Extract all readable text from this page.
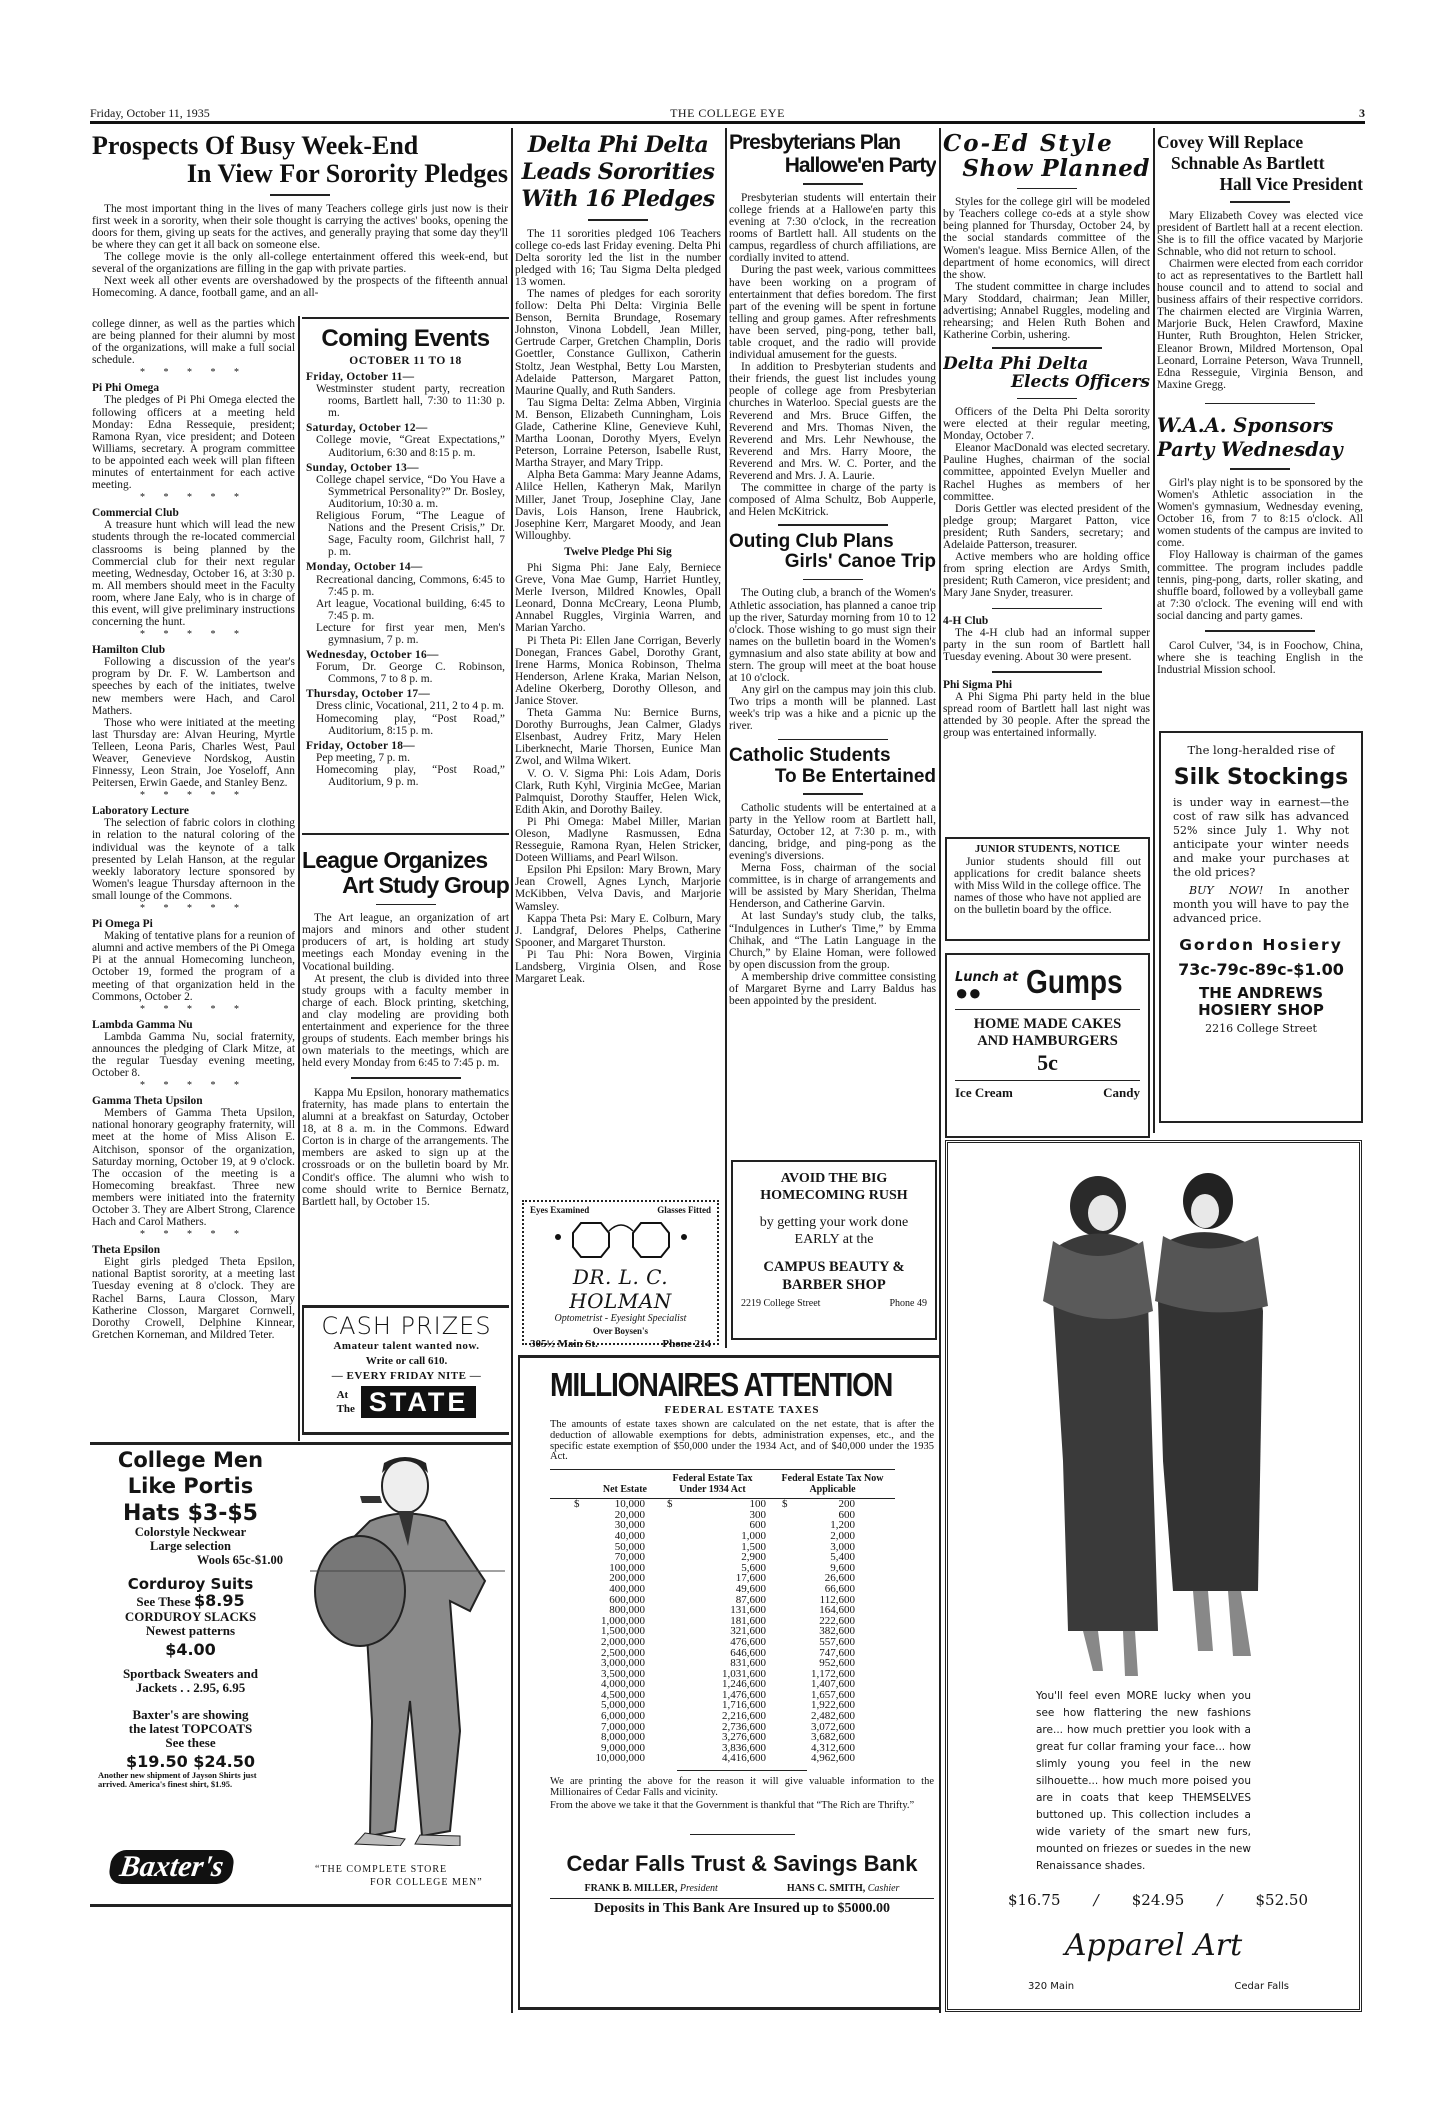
Friday, October 11, 1935	THE COLLEGE EYE	3
Prospects Of Busy Week-End
In View For Sorority Pledges

The most important thing in the lives of many Teachers college girls just now is their first week in a sorority, when their sole thought is carrying the actives' books, opening the doors for them, giving up seats for the actives, and generally praying that some day they'll be where they can get it all back on someone else.

The college movie is the only all-college entertainment offered this week-end, but several of the organizations are filling in the gap with private parties.

Next week all other events are overshadowed by the prospects of the fifteenth annual Homecoming. A dance, football game, and an all-

college dinner, as well as the parties which are being planned for their alumni by most of the organizations, will make a full social schedule.

* * * * *
Pi Phi Omega

The pledges of Pi Phi Omega elected the following officers at a meeting held Monday: Edna Ressequie, president; Ramona Ryan, vice president; and Doteen Williams, secretary. A program committee to be appointed each week will plan fifteen minutes of entertainment for each active meeting.

* * * * *
Commercial Club

A treasure hunt which will lead the new students through the re-located commercial classrooms is being planned by the Commercial club for their next regular meeting, Wednesday, October 16, at 3:30 p. m. All members should meet in the Faculty room, where Jane Ealy, who is in charge of this event, will give preliminary instructions concerning the hunt.

* * * * *
Hamilton Club

Following a discussion of the year's program by Dr. F. W. Lambertson and speeches by each of the initiates, twelve new members were Hach, and Carol Mathers.

Those who were initiated at the meeting last Thursday are: Alvan Heuring, Myrtle Telleen, Leona Paris, Charles West, Paul Weaver, Genevieve Nordskog, Austin Finnessy, Leon Strain, Joe Yoseloff, Ann Peitersen, Erwin Gaede, and Stanley Benz.

* * * * *
Laboratory Lecture

The selection of fabric colors in clothing in relation to the natural coloring of the individual was the keynote of a talk presented by Lelah Hanson, at the regular weekly laboratory lecture sponsored by Women's league Thursday afternoon in the small lounge of the Commons.

* * * * *
Pi Omega Pi

Making of tentative plans for a reunion of alumni and active members of the Pi Omega Pi at the annual Homecoming luncheon, October 19, formed the program of a meeting of that organization held in the Commons, October 2.

* * * * *
Lambda Gamma Nu

Lambda Gamma Nu, social fraternity, announces the pledging of Clark Mitze, at the regular Tuesday evening meeting, October 8.

* * * * *
Gamma Theta Upsilon

Members of Gamma Theta Upsilon, national honorary geography fraternity, will meet at the home of Miss Alison E. Aitchison, sponsor of the organization, Saturday morning, October 19, at 9 o'clock. The occasion of the meeting is a Homecoming breakfast. Three new members were initiated into the fraternity October 3. They are Albert Strong, Clarence Hach and Carol Mathers.

* * * * *
Theta Epsilon

Eight girls pledged Theta Epsilon, national Baptist sorority, at a meeting last Tuesday evening at 8 o'clock. They are Rachel Barns, Laura Closson, Mary Katherine Closson, Margaret Cornwell, Dorothy Crowell, Delphine Kinnear, Gretchen Korneman, and Mildred Teter.

Coming Events
OCTOBER 11 TO 18
Friday, October 11—
Westminster student party, recreation rooms, Bartlett hall, 7:30 to 11:30 p. m.
Saturday, October 12—
College movie, “Great Expectations,” Auditorium, 6:30 and 8:15 p. m.
Sunday, October 13—
College chapel service, “Do You Have a Symmetrical Personality?” Dr. Bosley, Auditorium, 10:30 a. m.
Religious Forum, “The League of Nations and the Present Crisis,” Dr. Sage, Faculty room, Gilchrist hall, 7 p. m.
Monday, October 14—
Recreational dancing, Commons, 6:45 to 7:45 p. m.
Art league, Vocational building, 6:45 to 7:45 p. m.
Lecture for first year men, Men's gymnasium, 7 p. m.
Wednesday, October 16—
Forum, Dr. George C. Robinson, Commons, 7 to 8 p. m.
Thursday, October 17—
Dress clinic, Vocational, 211, 2 to 4 p. m.
Homecoming play, “Post Road,” Auditorium, 8:15 p. m.
Friday, October 18—
Pep meeting, 7 p. m.
Homecoming play, “Post Road,” Auditorium, 9 p. m.
League Organizes
Art Study Group

The Art league, an organization of art majors and minors and other student producers of art, is holding art study meetings each Monday evening in the Vocational building.

At present, the club is divided into three study groups with a faculty member in charge of each. Block printing, sketching, and clay modeling are providing both entertainment and experience for the three groups of students. Each member brings his own materials to the meetings, which are held every Monday from 6:45 to 7:45 p. m.

Kappa Mu Epsilon, honorary mathematics fraternity, has made plans to entertain the alumni at a breakfast on Saturday, October 18, at 8 a. m. in the Commons. Edward Corton is in charge of the arrangements. The members are asked to sign up at the crossroads or on the bulletin board by Mr. Condit's office. The alumni who wish to come should write to Bernice Bernatz, Bartlett hall, by October 15.

CASH PRIZES
Amateur talent wanted now.
Write or call 610.
— EVERY FRIDAY NITE —
At
The STATE
College Men
Like Portis
Hats $3-$5
Colorstyle Neckwear
Large selection
Wools 65c-$1.00
Corduroy Suits
See These $8.95
CORDUROY SLACKS
Newest patterns
$4.00
Sportback Sweaters and
Jackets . . 2.95, 6.95
Baxter's are showing
the latest TOPCOATS
See these
$19.50 $24.50
Another new shipment of Jayson Shirts just arrived. America's finest shirt, $1.95.
Baxter's	“THE COMPLETE STORE
FOR COLLEGE MEN”
Delta Phi Delta
Leads Sororities
With 16 Pledges

The 11 sororities pledged 106 Teachers college co-eds last Friday evening. Delta Phi Delta sorority led the list in the number pledged with 16; Tau Sigma Delta pledged 13 women.

The names of pledges for each sorority follow: Delta Phi Delta: Virginia Belle Benson, Bernita Brundage, Rosemary Johnston, Vinona Lobdell, Jean Miller, Gertrude Carper, Gretchen Champlin, Doris Goettler, Constance Gullixon, Catherin Stoltz, Jean Westphal, Betty Lou Marsten, Adelaide Patterson, Margaret Patton, Maurine Qually, and Ruth Sanders.

Tau Sigma Delta: Zelma Abben, Virginia M. Benson, Elizabeth Cunningham, Lois Glade, Catherine Kline, Genevieve Kuhl, Martha Loonan, Dorothy Myers, Evelyn Peterson, Lorraine Peterson, Isabelle Rust, Martha Strayer, and Mary Tripp.

Alpha Beta Gamma: Mary Jeanne Adams, Alilce Hellen, Katheryn Mak, Marilyn Miller, Janet Troup, Josephine Clay, Jane Davis, Lois Hanson, Irene Haubrick, Josephine Kerr, Margaret Moody, and Jean Willoughby.

Twelve Pledge Phi Sig

Phi Sigma Phi: Jane Ealy, Berniece Greve, Vona Mae Gump, Harriet Huntley, Merle Iverson, Mildred Knowles, Opall Leonard, Donna McCreary, Leona Plumb, Annabel Ruggles, Virginia Warren, and Marian Yarcho.

Pi Theta Pi: Ellen Jane Corrigan, Beverly Donegan, Frances Gabel, Dorothy Grant, Irene Harms, Monica Robinson, Thelma Henderson, Arlene Kraka, Marian Nelson, Adeline Okerberg, Dorothy Olleson, and Janice Stover.

Theta Gamma Nu: Bernice Burns, Dorothy Burroughs, Jean Calmer, Gladys Elsenbast, Audrey Fritz, Mary Helen Liberknecht, Marie Thorsen, Eunice Man Zwol, and Wilma Wikert.

V. O. V. Sigma Phi: Lois Adam, Doris Clark, Ruth Kyhl, Virginia McGee, Marian Palmquist, Dorothy Stauffer, Helen Wick, Edith Akin, and Dorothy Bailey.

Pi Phi Omega: Mabel Miller, Marian Oleson, Madlyne Rasmussen, Edna Resseguie, Ramona Ryan, Helen Stricker, Doteen Williams, and Pearl Wilson.

Epsilon Phi Epsilon: Mary Brown, Mary Jean Crowell, Agnes Lynch, Marjorie McKibben, Velva Davis, and Marjorie Wamsley.

Kappa Theta Psi: Mary E. Colburn, Mary J. Landgraf, Delores Phelps, Catherine Spooner, and Margaret Thurston.

Pi Tau Phi: Nora Bowen, Virginia Landsberg, Virginia Olsen, and Rose Margaret Leak.

Eyes Examined	Glasses Fitted
DR. L. C. HOLMAN
Optometrist - Eyesight Specialist
Over Boysen's
305½ Main St.	Phone 214
Presbyterians Plan
Hallowe'en Party

Presbyterian students will entertain their college friends at a Hallowe'en party this evening at 7:30 o'clock, in the recreation rooms of Bartlett hall. All students on the campus, regardless of church affiliations, are cordially invited to attend.

During the past week, various committees have been working on a program of entertainment that defies boredom. The first part of the evening will be spent in fortune telling and group games. After refreshments have been served, ping-pong, tether ball, table croquet, and the radio will provide individual amusement for the guests.

In addition to Presbyterian students and their friends, the guest list includes young people of college age from Presbyterian churches in Waterloo. Special guests are the Reverend and Mrs. Bruce Giffen, the Reverend and Mrs. Thomas Niven, the Reverend and Mrs. Lehr Newhouse, the Reverend and Mrs. Harry Moore, the Reverend and Mrs. W. C. Porter, and the Reverend and Mrs. J. A. Laurie.

The committee in charge of the party is composed of Alma Schultz, Bob Aupperle, and Helen McKitrick.

Outing Club Plans
Girls' Canoe Trip

The Outing club, a branch of the Women's Athletic association, has planned a canoe trip up the river, Saturday morning from 10 to 12 o'clock. Those wishing to go must sign their names on the bulletin board in the Women's gymnasium and also state ability at bow and stern. The group will meet at the boat house at 10 o'clock.

Any girl on the campus may join this club. Two trips a month will be planned. Last week's trip was a hike and a picnic up the river.

Catholic Students
To Be Entertained

Catholic students will be entertained at a party in the Yellow room at Bartlett hall, Saturday, October 12, at 7:30 p. m., with dancing, bridge, and ping-pong as the evening's diversions.

Merna Foss, chairman of the social committee, is in charge of arrangements and will be assisted by Mary Sheridan, Thelma Henderson, and Catherine Garvin.

At last Sunday's study club, the talks, “Indulgences in Luther's Time,” by Emma Chihak, and “The Latin Language in the Church,” by Elaine Homan, were followed by open discussion from the group.

A membership drive committee consisting of Margaret Byrne and Larry Baldus has been appointed by the president.

AVOID THE BIG HOMECOMING RUSH
by getting your work done EARLY at the
CAMPUS BEAUTY & BARBER SHOP
2219 College Street	Phone 49
MILLIONAIRES ATTENTION
FEDERAL ESTATE TAXES
The amounts of estate taxes shown are calculated on the net estate, that is after the deduction of allowable exemptions for debts, administration expenses, etc., and the specific estate exemption of $50,000 under the 1934 Act, and of $40,000 under the 1935 Act.
Net Estate	Federal Estate Tax Under 1934 Act	Federal Estate Tax Now Applicable

$ 10,000	$ 100	$ 200
20,000	300	600
30,000	600	1,200
40,000	1,000	2,000
50,000	1,500	3,000
70,000	2,900	5,400
100,000	5,600	9,600
200,000	17,600	26,600
400,000	49,600	66,600
600,000	87,600	112,600
800,000	131,600	164,600
1,000,000	181,600	222,600
1,500,000	321,600	382,600
2,000,000	476,600	557,600
2,500,000	646,600	747,600
3,000,000	831,600	952,600
3,500,000	1,031,600	1,172,600
4,000,000	1,246,600	1,407,600
4,500,000	1,476,600	1,657,600
5,000,000	1,716,600	1,922,600
6,000,000	2,216,600	2,482,600
7,000,000	2,736,600	3,072,600
8,000,000	3,276,600	3,682,600
9,000,000	3,836,600	4,312,600
10,000,000	4,416,600	4,962,600
We are printing the above for the reason it will give valuable information to the Millionaires of Cedar Falls and vicinity.
From the above we take it that the Government is thankful that “The Rich are Thrifty.”
Cedar Falls Trust & Savings Bank
FRANK B. MILLER, President	HANS C. SMITH, Cashier
Deposits in This Bank Are Insured up to $5000.00
Co-Ed Style
Show Planned

Styles for the college girl will be modeled by Teachers college co-eds at a style show being planned for Thursday, October 24, by the social standards committee of the Women's league. Miss Bernice Allen, of the department of home economics, will direct the show.

The student committee in charge includes Mary Stoddard, chairman; Jean Miller, advertising; Annabel Ruggles, modeling and rehearsing; and Helen Ruth Bohen and Katherine Corbin, ushering.

Delta Phi Delta
Elects Officers

Officers of the Delta Phi Delta sorority were elected at their regular meeting, Monday, October 7.

Eleanor MacDonald was elected secretary. Pauline Hughes, chairman of the social committee, appointed Evelyn Mueller and Rachel Hughes as members of her committee.

Doris Gettler was elected president of the pledge group; Margaret Patton, vice president; Ruth Sanders, secretary; and Adelaide Patterson, treasurer.

Active members who are holding office from spring election are Ardys Smith, president; Ruth Cameron, vice president; and Mary Jane Snyder, treasurer.

4-H Club

The 4-H club had an informal supper party in the sun room of Bartlett hall Tuesday evening. About 30 were present.

Phi Sigma Phi

A Phi Sigma Phi party held in the blue spread room of Bartlett hall last night was attended by 30 people. After the spread the group was entertained informally.

JUNIOR STUDENTS, NOTICE

Junior students should fill out applications for credit balance sheets with Miss Wild in the college office. The names of those who have not applied are on the bulletin board by the office.

Lunch at
●●	Gumps
HOME MADE CAKES
AND HAMBURGERS
5c
Ice Cream	Candy
Covey Will Replace
Schnable As Bartlett
Hall Vice President

Mary Elizabeth Covey was elected vice president of Bartlett hall at a recent election. She is to fill the office vacated by Marjorie Schnable, who did not return to school.

Chairmen were elected from each corridor to act as representatives to the Bartlett hall house council and to attend to social and business affairs of their respective corridors. The chairmen elected are Virginia Warren, Marjorie Buck, Helen Crawford, Maxine Hunter, Ruth Broughton, Helen Stricker, Eleanor Brown, Mildred Mortenson, Opal Leonard, Lorraine Peterson, Wava Trunnell, Edna Resseguie, Virginia Benson, and Maxine Gregg.

W.A.A. Sponsors
Party Wednesday

Girl's play night is to be sponsored by the Women's Athletic association in the Women's gymnasium, Wednesday evening, October 16, from 7 to 8:15 o'clock. All women students of the campus are invited to come.

Floy Halloway is chairman of the games committee. The program includes paddle tennis, ping-pong, darts, roller skating, and shuffle board, followed by a volleyball game at 7:30 o'clock. The evening will end with social dancing and party games.

Carol Culver, '34, is in Foochow, China, where she is teaching English in the Industrial Mission school.

The long-heralded rise of
Silk Stockings
is under way in earnest—the cost of raw silk has advanced 52% since July 1. Why not anticipate your winter needs and make your purchases at the old prices?
BUY NOW! In another month you will have to pay the advanced price.
Gordon Hosiery
73c-79c-89c-$1.00
THE ANDREWS
HOSIERY SHOP
2216 College Street
You'll feel even MORE lucky when you see how flattering the new fashions are... how much prettier you look with a great fur collar framing your face... how slimly young you feel in the new silhouette... how much more poised you are in coats that keep THEMSELVES buttoned up. This collection includes a wide variety of the smart new furs, mounted on friezes or suedes in the new Renaissance shades.
$16.75 / $24.95 / $52.50
Apparel Art
320 Main	Cedar Falls
